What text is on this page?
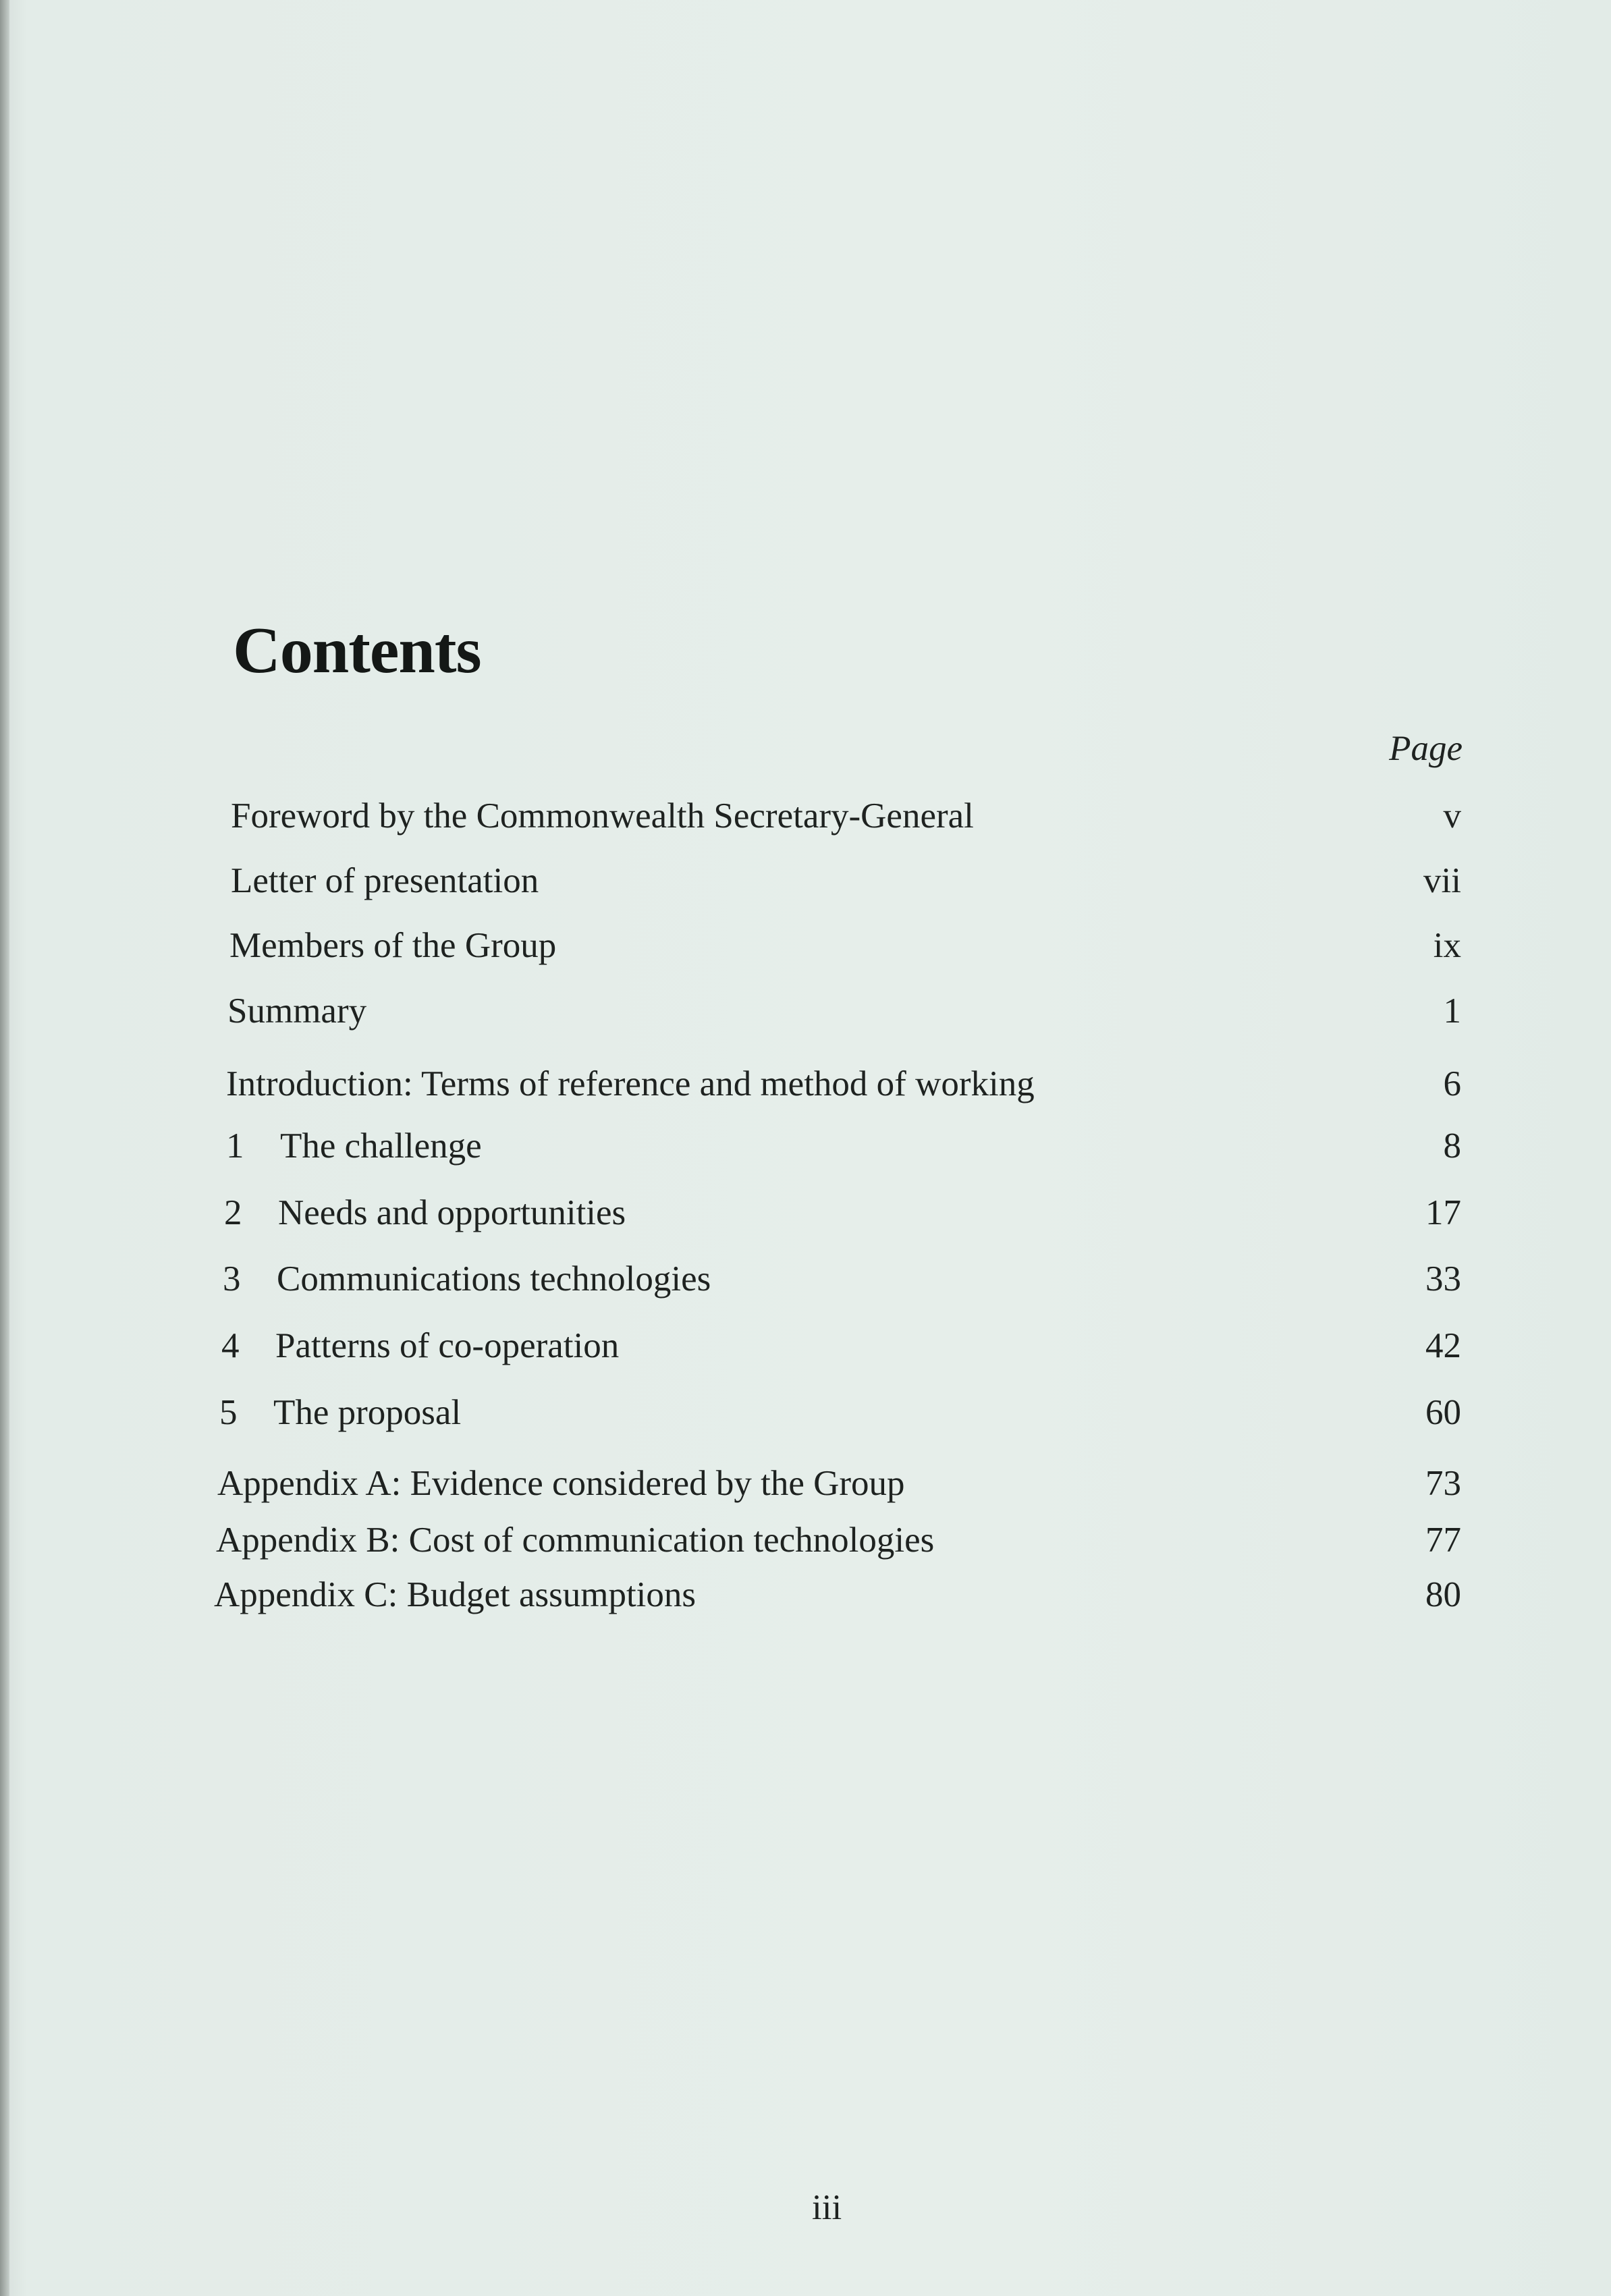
Contents
Page
Foreword by the Commonwealth Secretary-General	v
Letter of presentation	vii
Members of the Group	ix
Summary	1
Introduction: Terms of reference and method of working	6
1 The challenge	8
2 Needs and opportunities	17
3 Communications technologies	33
4 Patterns of co-operation	42
5 The proposal	60
Appendix A: Evidence considered by the Group	73
Appendix B: Cost of communication technologies	77
Appendix C: Budget assumptions	80
iii
